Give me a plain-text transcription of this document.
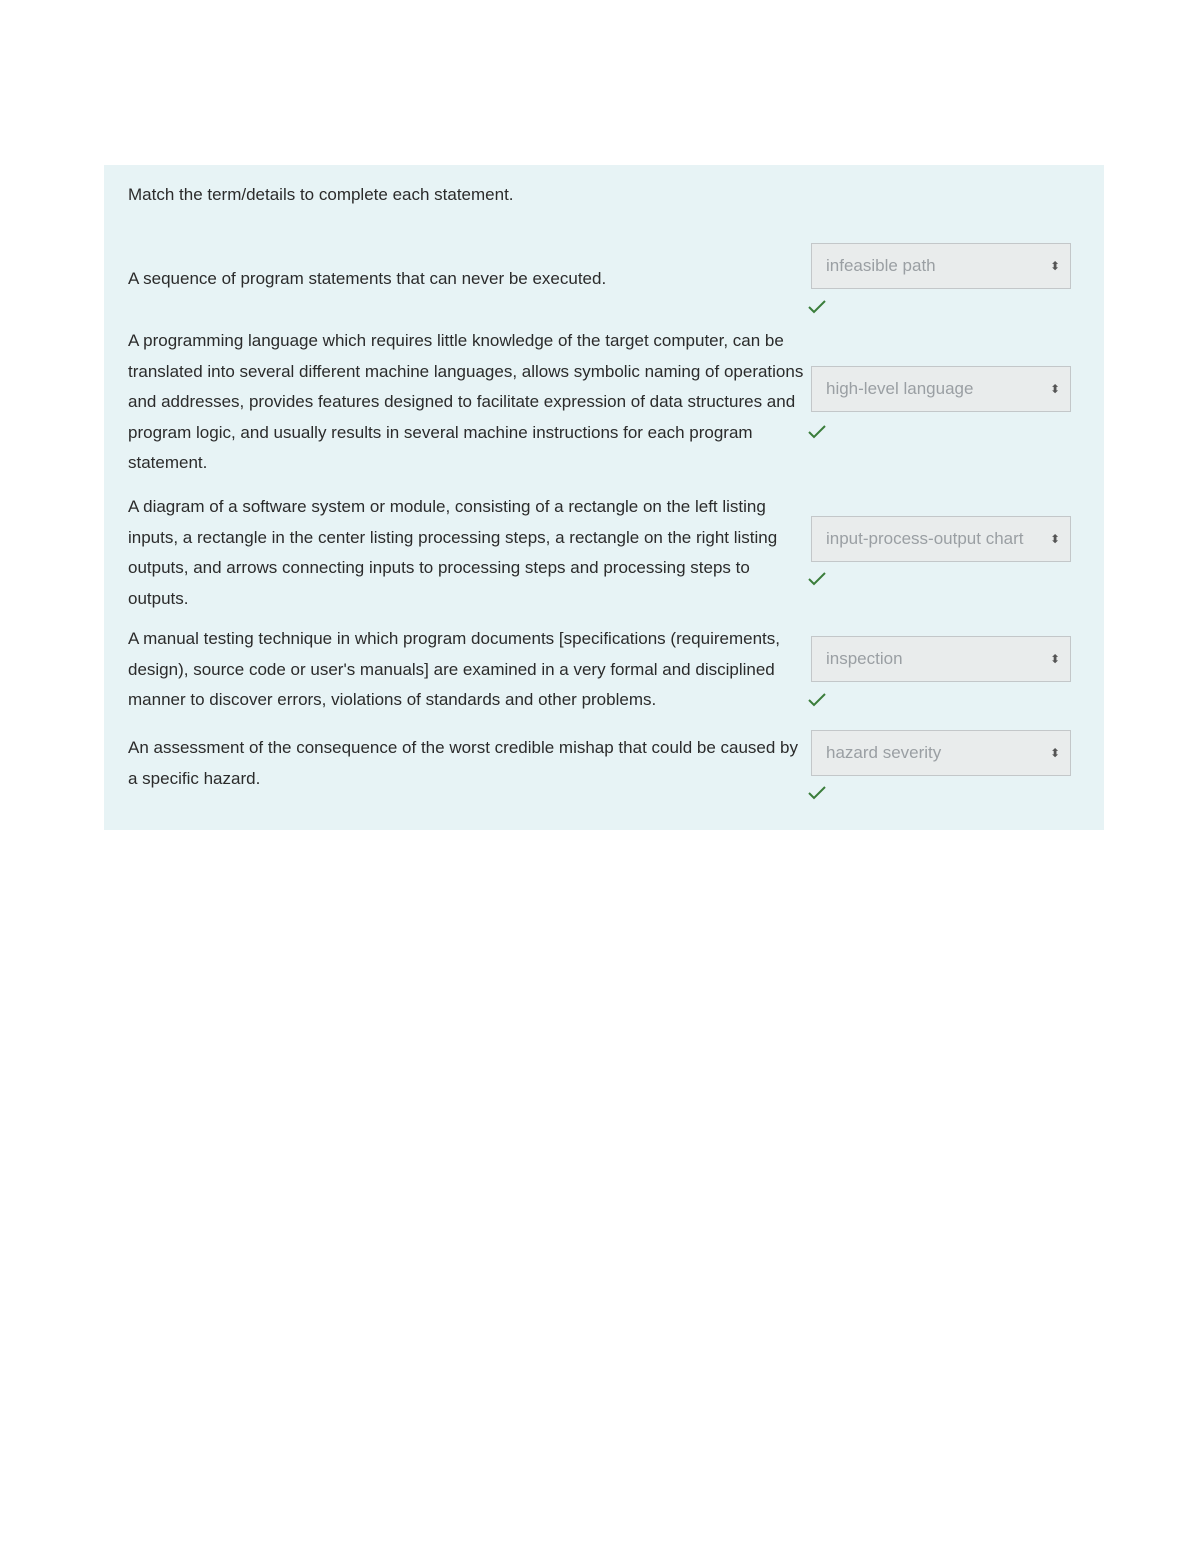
Match the term/details to complete each statement.
A sequence of program statements that can never be executed.
infeasible path	⬍
A programming language which requires little knowledge of the target computer, can be translated into several different machine languages, allows symbolic naming of operations and addresses, provides features designed to facilitate expression of data structures and program logic, and usually results in several machine instructions for each program statement.
high-level language	⬍
A diagram of a software system or module, consisting of a rectangle on the left listing inputs, a rectangle in the center listing processing steps, a rectangle on the right listing outputs, and arrows connecting inputs to processing steps and processing steps to outputs.
input-process-output chart	⬍
A manual testing technique in which program documents [specifications (requirements, design), source code or user's manuals] are examined in a very formal and disciplined manner to discover errors, violations of standards and other problems.
inspection	⬍
An assessment of the consequence of the worst credible mishap that could be caused by a specific hazard.
hazard severity	⬍
